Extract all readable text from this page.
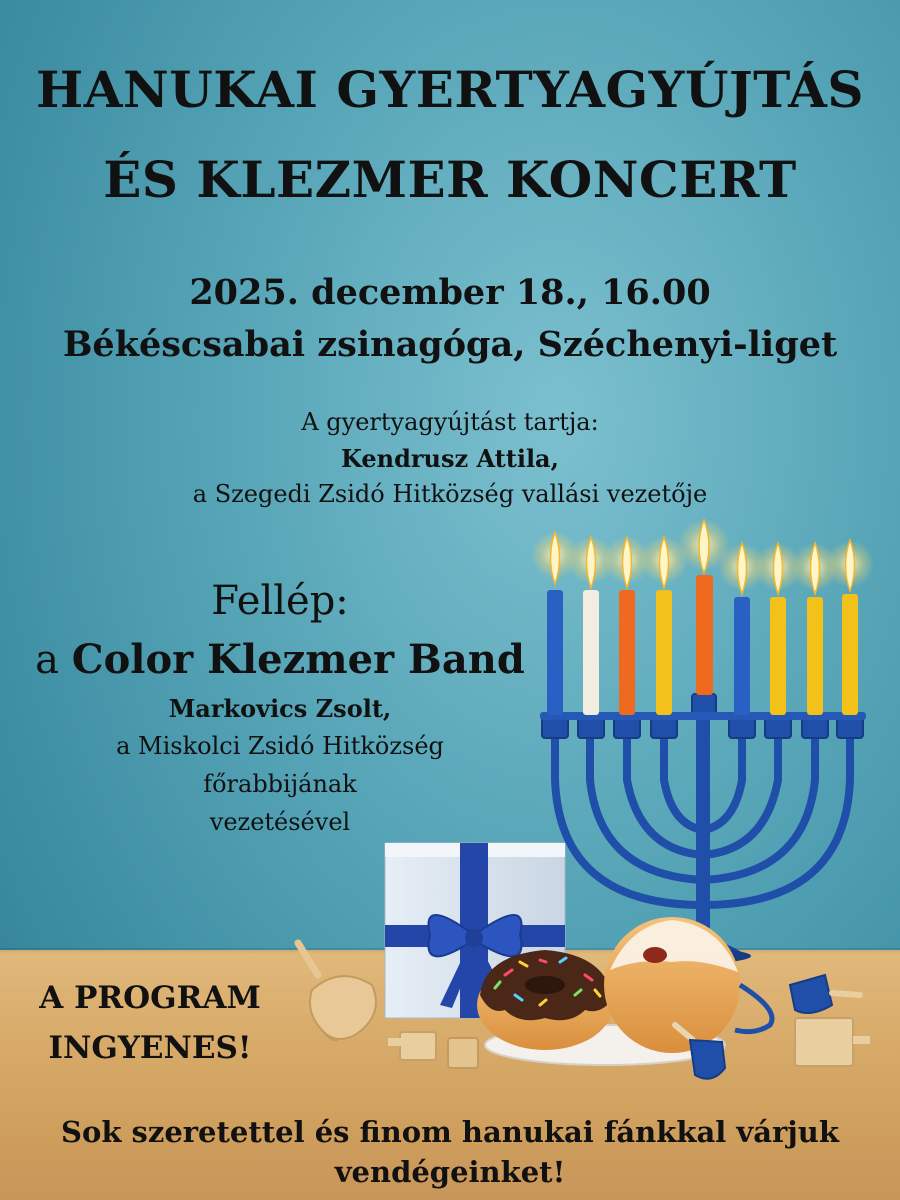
HANUKAI GYERTYAGYÚJTÁS
ÉS KLEZMER KONCERT

2025. december 18., 16.00

Békéscsabai zsinagóga, Széchenyi-liget

A gyertyagyújtást tartja:

Kendrusz Attila,

a Szegedi Zsidó Hitközség vallási vezetője

Fellép:

a Color Klezmer Band

Markovics Zsolt,

a Miskolci Zsidó Hitközség

főrabbijának

vezetésével

A PROGRAM

INGYENES!

Sok szeretettel és finom hanukai fánkkal várjuk

vendégeinket!
